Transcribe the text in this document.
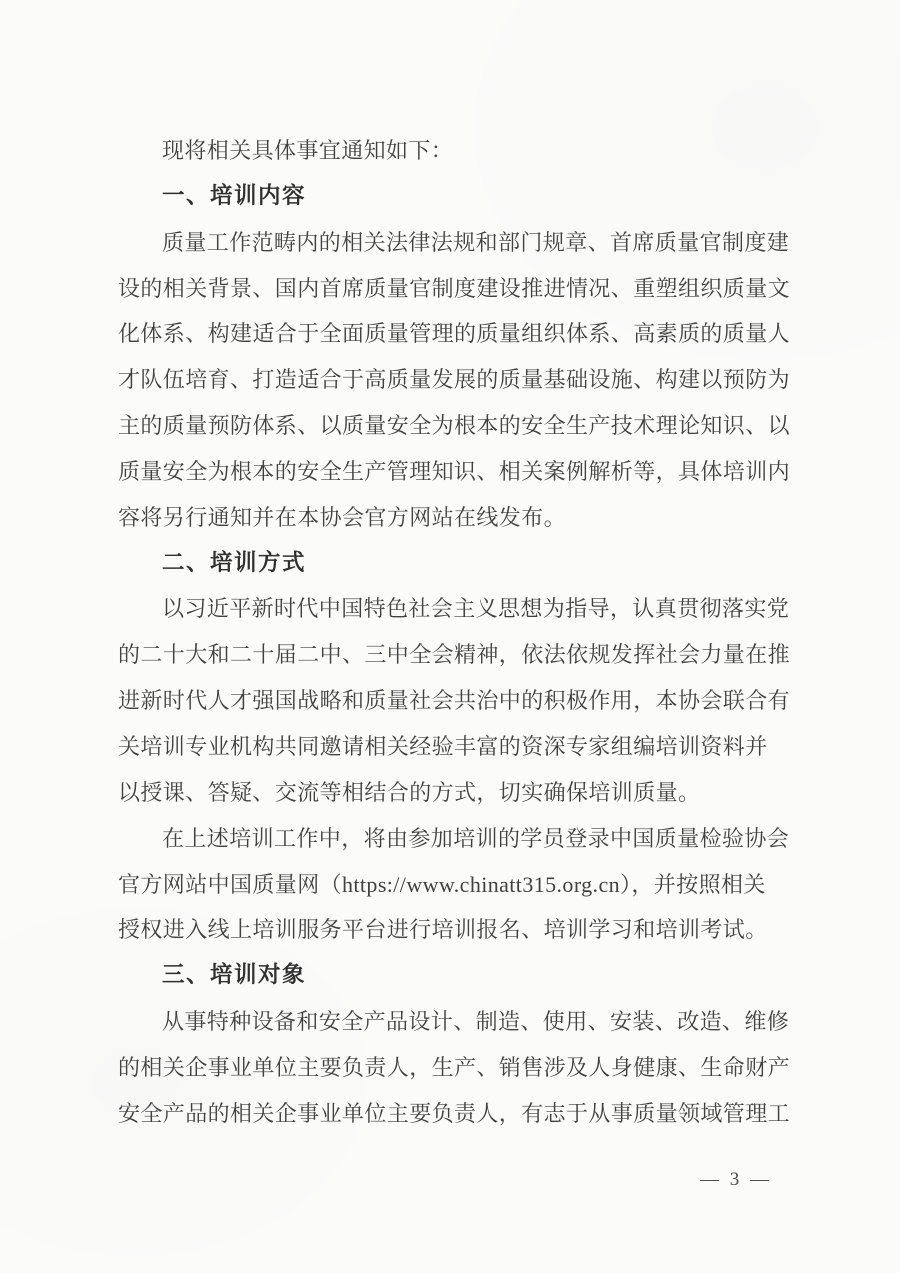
现将相关具体事宜通知如下：
一、培训内容
质量工作范畴内的相关法律法规和部门规章、首席质量官制度建
设的相关背景、国内首席质量官制度建设推进情况、重塑组织质量文
化体系、构建适合于全面质量管理的质量组织体系、高素质的质量人
才队伍培育、打造适合于高质量发展的质量基础设施、构建以预防为
主的质量预防体系、以质量安全为根本的安全生产技术理论知识、以
质量安全为根本的安全生产管理知识、相关案例解析等，具体培训内
容将另行通知并在本协会官方网站在线发布。
二、培训方式
以习近平新时代中国特色社会主义思想为指导，认真贯彻落实党
的二十大和二十届二中、三中全会精神，依法依规发挥社会力量在推
进新时代人才强国战略和质量社会共治中的积极作用，本协会联合有
关培训专业机构共同邀请相关经验丰富的资深专家组编培训资料并
以授课、答疑、交流等相结合的方式，切实确保培训质量。
在上述培训工作中，将由参加培训的学员登录中国质量检验协会
官方网站中国质量网（https://www.chinatt315.org.cn），并按照相关
授权进入线上培训服务平台进行培训报名、培训学习和培训考试。
三、培训对象
从事特种设备和安全产品设计、制造、使用、安装、改造、维修
的相关企事业单位主要负责人，生产、销售涉及人身健康、生命财产
安全产品的相关企事业单位主要负责人，有志于从事质量领域管理工
— 3 —
